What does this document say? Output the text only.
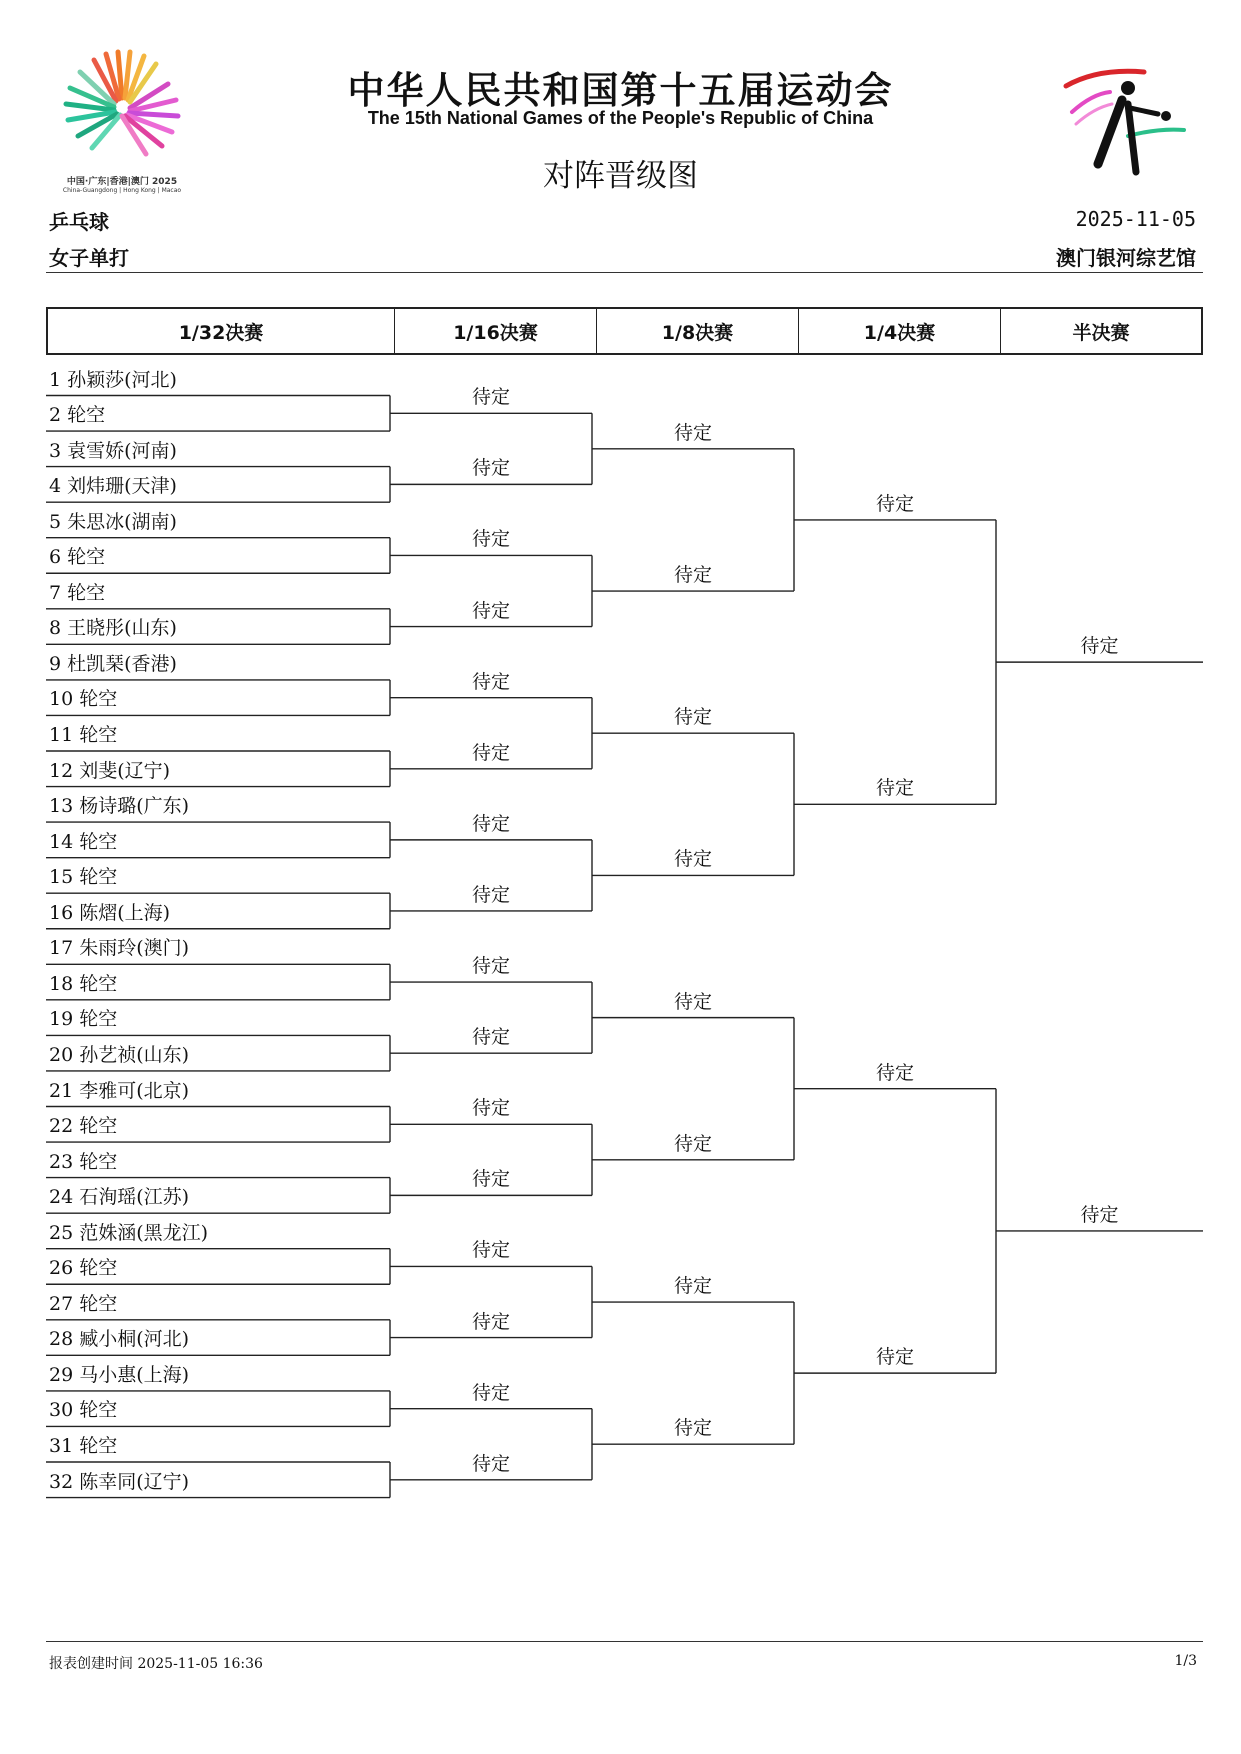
中国·广东|香港|澳门 2025
China-Guangdong | Hong Kong | Macao
中华人民共和国第十五届运动会
The 15th National Games of the People's Republic of China
对阵晋级图
乒乓球	2025-11-05
女子单打	澳门银河综艺馆
1/32决赛	1/16决赛	1/8决赛	1/4决赛	半决赛
1 孙颖莎(河北)
2 轮空
3 袁雪娇(河南)
4 刘炜珊(天津)
5 朱思冰(湖南)
6 轮空
7 轮空
8 王晓彤(山东)
9 杜凯琹(香港)
10 轮空
11 轮空
12 刘斐(辽宁)
13 杨诗璐(广东)
14 轮空
15 轮空
16 陈熠(上海)
17 朱雨玲(澳门)
18 轮空
19 轮空
20 孙艺祯(山东)
21 李雅可(北京)
22 轮空
23 轮空
24 石洵瑶(江苏)
25 范姝涵(黑龙江)
26 轮空
27 轮空
28 臧小桐(河北)
29 马小惠(上海)
30 轮空
31 轮空
32 陈幸同(辽宁)
待定
待定
待定
待定
待定
待定
待定
待定
待定
待定
待定
待定
待定
待定
待定
待定
待定
待定
待定
待定
待定
待定
待定
待定
待定
待定
待定
待定
待定
待定
报表创建时间 2025-11-05 16:36	1/3
